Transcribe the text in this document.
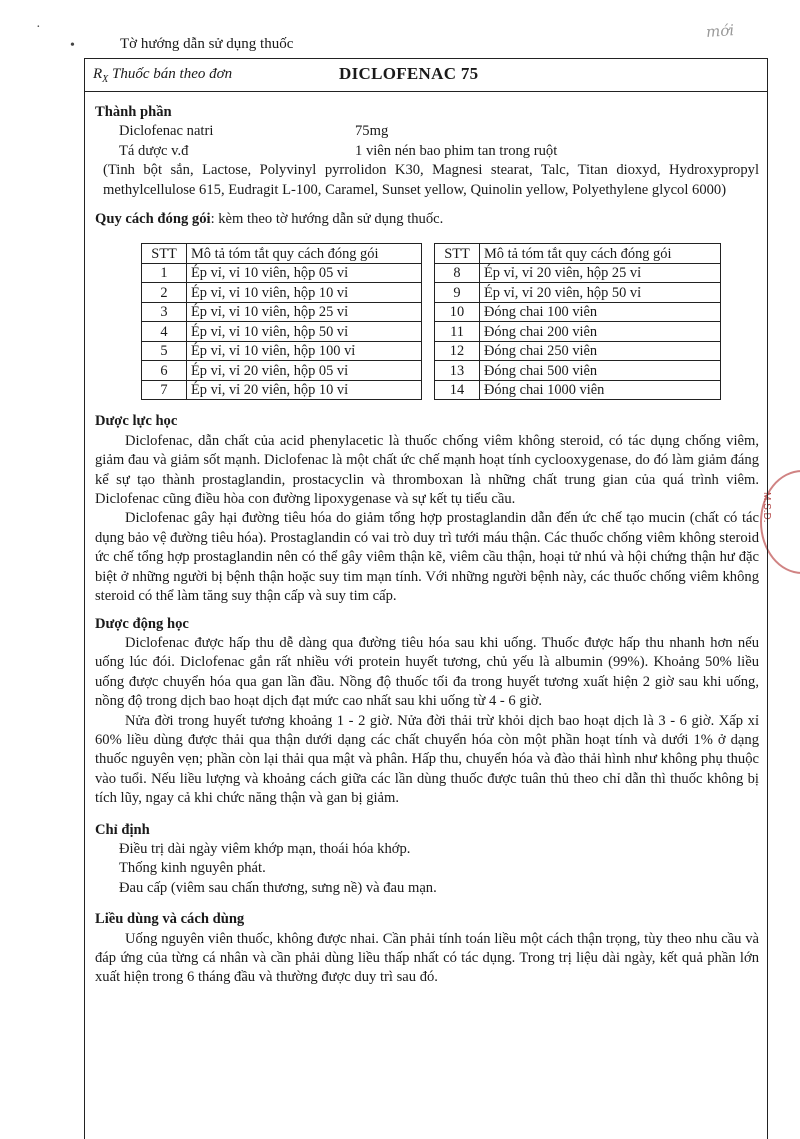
Tờ hướng dẫn sử dụng thuốc
mới
·
•
M.S.D.
$R_X$ Thuốc bán theo đơn	DICLOFENAC 75
Thành phần
Diclofenac natri	75mg
Tá dược v.đ	1 viên nén bao phim tan trong ruột

(Tinh bột sắn, Lactose, Polyvinyl pyrrolidon K30, Magnesi stearat, Talc, Titan dioxyd, Hydroxypropyl methylcellulose 615, Eudragit L-100, Caramel, Sunset yellow, Quinolin yellow, Polyethylene glycol 6000)

Quy cách đóng gói: kèm theo tờ hướng dẫn sử dụng thuốc.

STT	Mô tả tóm tắt quy cách đóng gói
1	Ép vỉ, vỉ 10 viên, hộp 05 vỉ
2	Ép vỉ, vỉ 10 viên, hộp 10 vỉ
3	Ép vỉ, vỉ 10 viên, hộp 25 vỉ
4	Ép vỉ, vỉ 10 viên, hộp 50 vỉ
5	Ép vỉ, vỉ 10 viên, hộp 100 vỉ
6	Ép vỉ, vỉ 20 viên, hộp 05 vỉ
7	Ép vỉ, vỉ 20 viên, hộp 10 vỉ
STT	Mô tả tóm tắt quy cách đóng gói
8	Ép vỉ, vỉ 20 viên, hộp 25 vỉ
9	Ép vỉ, vỉ 20 viên, hộp 50 vỉ
10	Đóng chai 100 viên
11	Đóng chai 200 viên
12	Đóng chai 250 viên
13	Đóng chai 500 viên
14	Đóng chai 1000 viên
Dược lực học

Diclofenac, dẫn chất của acid phenylacetic là thuốc chống viêm không steroid, có tác dụng chống viêm, giảm đau và giảm sốt mạnh. Diclofenac là một chất ức chế mạnh hoạt tính cyclooxygenase, do đó làm giảm đáng kể sự tạo thành prostaglandin, prostacyclin và thromboxan là những chất trung gian của quá trình viêm. Diclofenac cũng điều hòa con đường lipoxygenase và sự kết tụ tiểu cầu.

Diclofenac gây hại đường tiêu hóa do giảm tổng hợp prostaglandin dẫn đến ức chế tạo mucin (chất có tác dụng bảo vệ đường tiêu hóa). Prostaglandin có vai trò duy trì tưới máu thận. Các thuốc chống viêm không steroid ức chế tổng hợp prostaglandin nên có thể gây viêm thận kẽ, viêm cầu thận, hoại tử nhú và hội chứng thận hư đặc biệt ở những người bị bệnh thận hoặc suy tim mạn tính. Với những người bệnh này, các thuốc chống viêm không steroid có thể làm tăng suy thận cấp và suy tim cấp.

Dược động học

Diclofenac được hấp thu dễ dàng qua đường tiêu hóa sau khi uống. Thuốc được hấp thu nhanh hơn nếu uống lúc đói. Diclofenac gắn rất nhiều với protein huyết tương, chủ yếu là albumin (99%). Khoảng 50% liều uống được chuyển hóa qua gan lần đầu. Nồng độ thuốc tối đa trong huyết tương xuất hiện 2 giờ sau khi uống, nồng độ trong dịch bao hoạt dịch đạt mức cao nhất sau khi uống từ 4 - 6 giờ.

Nửa đời trong huyết tương khoảng 1 - 2 giờ. Nửa đời thải trừ khỏi dịch bao hoạt dịch là 3 - 6 giờ. Xấp xỉ 60% liều dùng được thải qua thận dưới dạng các chất chuyển hóa còn một phần hoạt tính và dưới 1% ở dạng thuốc nguyên vẹn; phần còn lại thải qua mật và phân. Hấp thu, chuyển hóa và đào thải hình như không phụ thuộc vào tuổi. Nếu liều lượng và khoảng cách giữa các lần dùng thuốc được tuân thủ theo chỉ dẫn thì thuốc không bị tích lũy, ngay cả khi chức năng thận và gan bị giảm.

Chỉ định

Điều trị dài ngày viêm khớp mạn, thoái hóa khớp.

Thống kinh nguyên phát.

Đau cấp (viêm sau chấn thương, sưng nề) và đau mạn.

Liều dùng và cách dùng

Uống nguyên viên thuốc, không được nhai. Cần phải tính toán liều một cách thận trọng, tùy theo nhu cầu và đáp ứng của từng cá nhân và cần phải dùng liều thấp nhất có tác dụng. Trong trị liệu dài ngày, kết quả phần lớn xuất hiện trong 6 tháng đầu và thường được duy trì sau đó.
